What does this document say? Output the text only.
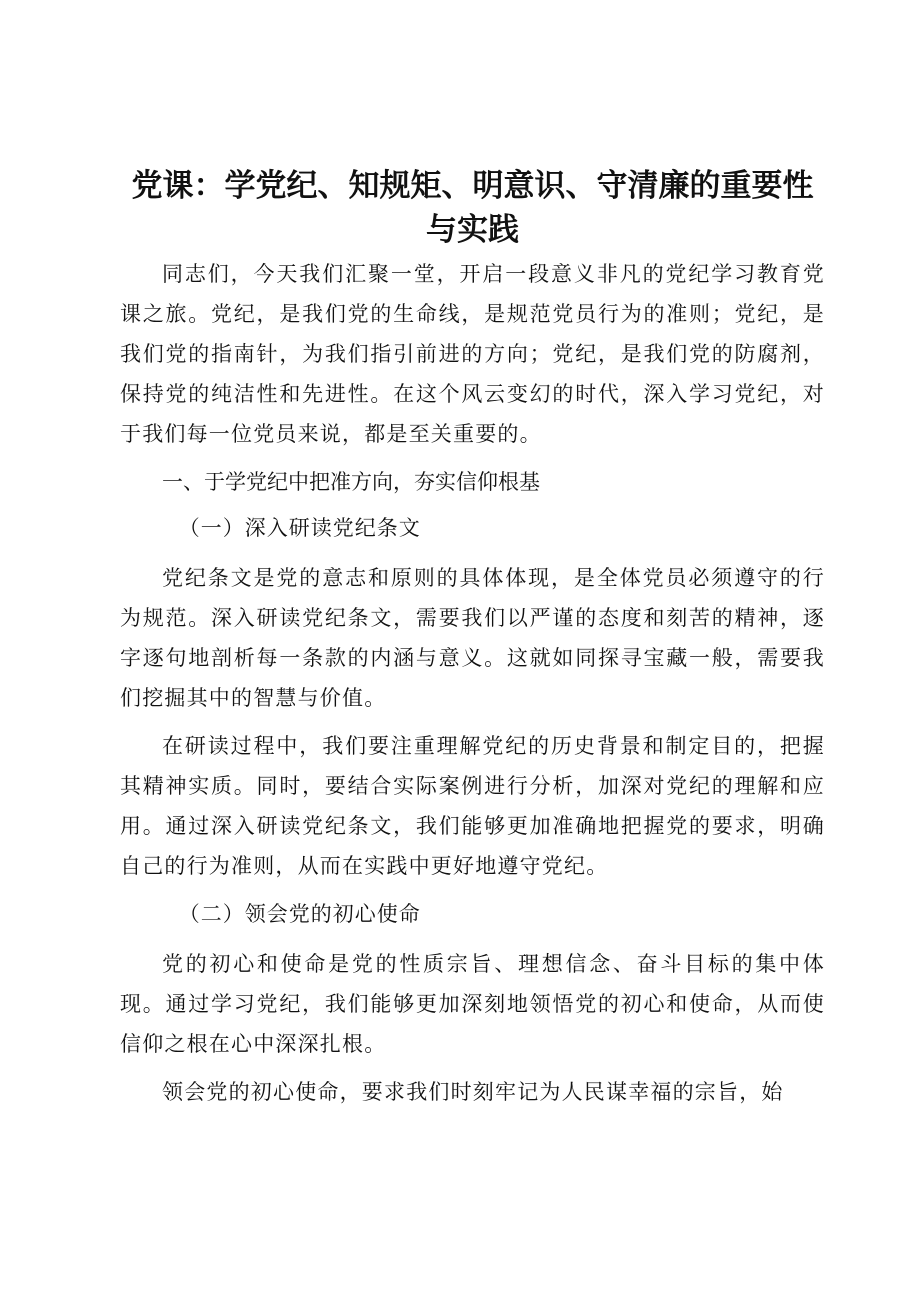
党课：学党纪、知规矩、明意识、守清廉的重要性与实践

同志们，今天我们汇聚一堂，开启一段意义非凡的党纪学习教育党课之旅。党纪，是我们党的生命线，是规范党员行为的准则；党纪，是我们党的指南针，为我们指引前进的方向；党纪，是我们党的防腐剂，保持党的纯洁性和先进性。在这个风云变幻的时代，深入学习党纪，对于我们每一位党员来说，都是至关重要的。

一、于学党纪中把准方向，夯实信仰根基
（一）深入研读党纪条文

党纪条文是党的意志和原则的具体体现，是全体党员必须遵守的行为规范。深入研读党纪条文，需要我们以严谨的态度和刻苦的精神，逐字逐句地剖析每一条款的内涵与意义。这就如同探寻宝藏一般，需要我们挖掘其中的智慧与价值。

在研读过程中，我们要注重理解党纪的历史背景和制定目的，把握其精神实质。同时，要结合实际案例进行分析，加深对党纪的理解和应用。通过深入研读党纪条文，我们能够更加准确地把握党的要求，明确自己的行为准则，从而在实践中更好地遵守党纪。

（二）领会党的初心使命

党的初心和使命是党的性质宗旨、理想信念、奋斗目标的集中体现。通过学习党纪，我们能够更加深刻地领悟党的初心和使命，从而使信仰之根在心中深深扎根。

领会党的初心使命，要求我们时刻牢记为人民谋幸福的宗旨，始
